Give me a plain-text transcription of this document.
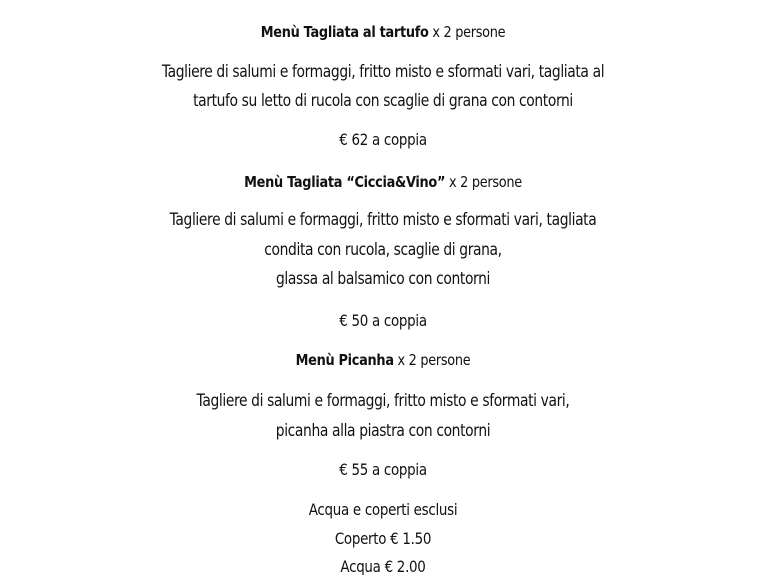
Menù Tagliata al tartufo x 2 persone
Tagliere di salumi e formaggi, fritto misto e sformati vari, tagliata al
tartufo su letto di rucola con scaglie di grana con contorni
€ 62 a coppia
Menù Tagliata “Ciccia&Vino” x 2 persone
Tagliere di salumi e formaggi, fritto misto e sformati vari, tagliata
condita con rucola, scaglie di grana,
glassa al balsamico con contorni
€ 50 a coppia
Menù Picanha x 2 persone
Tagliere di salumi e formaggi, fritto misto e sformati vari,
picanha alla piastra con contorni
€ 55 a coppia
Acqua e coperti esclusi
Coperto € 1.50
Acqua € 2.00
